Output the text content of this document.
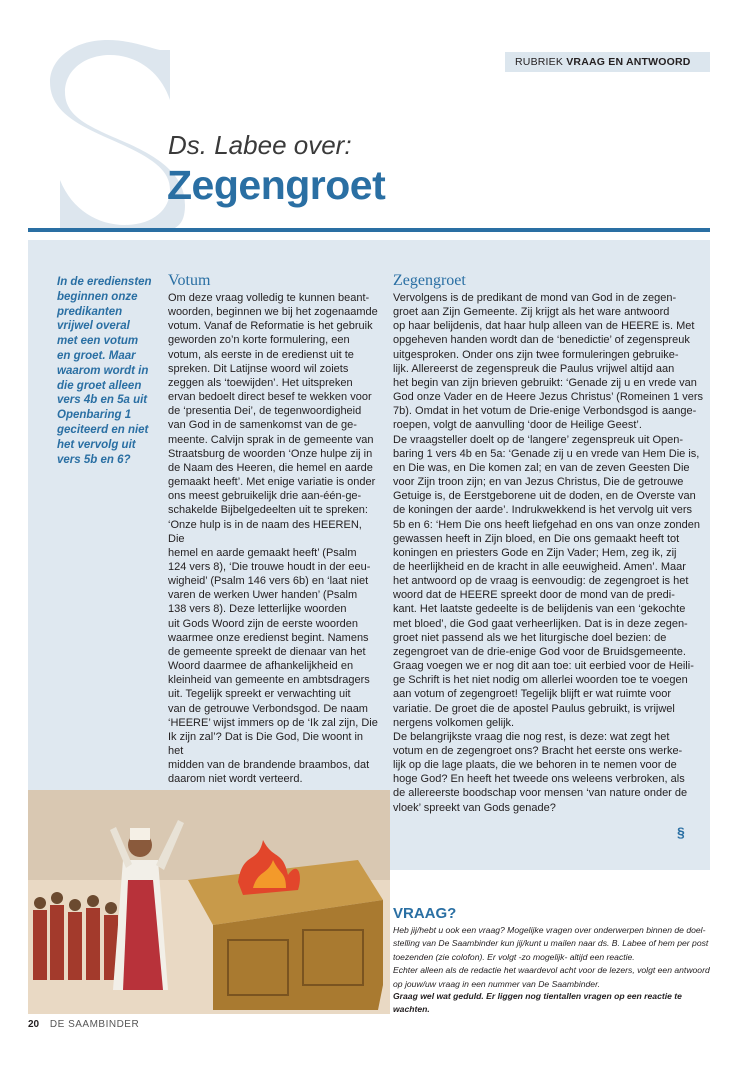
RUBRIEK VRAAG EN ANTWOORD
Ds. Labee over:
Zegengroet
In de erediensten beginnen onze predikanten vrijwel overal met een votum en groet. Maar waarom wordt in die groet alleen vers 4b en 5a uit Openbaring 1 geciteerd en niet het vervolg uit vers 5b en 6?
Votum
Om deze vraag volledig te kunnen beant-
woorden, beginnen we bij het zogenaamde
votum. Vanaf de Reformatie is het gebruik
geworden zo’n korte formulering, een
votum, als eerste in de eredienst uit te
spreken. Dit Latijnse woord wil zoiets
zeggen als ‘toewijden’. Het uitspreken
ervan bedoelt direct besef te wekken voor
de ‘presentia Dei’, de tegenwoordigheid
van God in de samenkomst van de ge-
meente. Calvijn sprak in de gemeente van
Straatsburg de woorden ‘Onze hulpe zij in
de Naam des Heeren, die hemel en aarde
gemaakt heeft’. Met enige variatie is onder
ons meest gebruikelijk drie aan-één-ge-
schakelde Bijbelgedeelten uit te spreken:
‘Onze hulp is in de naam des HEEREN, Die
hemel en aarde gemaakt heeft’ (Psalm
124 vers 8), ‘Die trouwe houdt in der eeu-
wigheid’ (Psalm 146 vers 6b) en ‘laat niet
varen de werken Uwer handen’ (Psalm
138 vers 8). Deze letterlijke woorden
uit Gods Woord zijn de eerste woorden
waarmee onze eredienst begint. Namens
de gemeente spreekt de dienaar van het
Woord daarmee de afhankelijkheid en
kleinheid van gemeente en ambtsdragers
uit. Tegelijk spreekt er verwachting uit
van de getrouwe Verbondsgod. De naam
‘HEERE’ wijst immers op de ‘Ik zal zijn, Die
Ik zijn zal’? Dat is Die God, Die woont in het
midden van de brandende braambos, dat
daarom niet wordt verteerd.
Zegengroet
Vervolgens is de predikant de mond van God in de zegen-
groet aan Zijn Gemeente. Zij krijgt als het ware antwoord
op haar belijdenis, dat haar hulp alleen van de HEERE is. Met
opgeheven handen wordt dan de ‘benedictie’ of zegenspreuk
uitgesproken. Onder ons zijn twee formuleringen gebruike-
lijk. Allereerst de zegenspreuk die Paulus vrijwel altijd aan
het begin van zijn brieven gebruikt: ‘Genade zij u en vrede van
God onze Vader en de Heere Jezus Christus’ (Romeinen 1 vers
7b). Omdat in het votum de Drie-enige Verbondsgod is aange-
roepen, volgt de aanvulling ‘door de Heilige Geest’.
De vraagsteller doelt op de ‘langere’ zegenspreuk uit Open-
baring 1 vers 4b en 5a: ‘Genade zij u en vrede van Hem Die is,
en Die was, en Die komen zal; en van de zeven Geesten Die
voor Zijn troon zijn; en van Jezus Christus, Die de getrouwe
Getuige is, de Eerstgeborene uit de doden, en de Overste van
de koningen der aarde’. Indrukwekkend is het vervolg uit vers
5b en 6: ‘Hem Die ons heeft liefgehad en ons van onze zonden
gewassen heeft in Zijn bloed, en Die ons gemaakt heeft tot
koningen en priesters Gode en Zijn Vader; Hem, zeg ik, zij
de heerlijkheid en de kracht in alle eeuwigheid. Amen’. Maar
het antwoord op de vraag is eenvoudig: de zegengroet is het
woord dat de HEERE spreekt door de mond van de predi-
kant. Het laatste gedeelte is de belijdenis van een ‘gekochte
met bloed’, die God gaat verheerlijken. Dat is in deze zegen-
groet niet passend als we het liturgische doel bezien: de
zegengroet van de drie-enige God voor de Bruidsgemeente.
Graag voegen we er nog dit aan toe: uit eerbied voor de Heili-
ge Schrift is het niet nodig om allerlei woorden toe te voegen
aan votum of zegengroet! Tegelijk blijft er wat ruimte voor
variatie. De groet die de apostel Paulus gebruikt, is vrijwel
nergens volkomen gelijk.
De belangrijkste vraag die nog rest, is deze: wat zegt het
votum en de zegengroet ons? Bracht het eerste ons werke-
lijk op die lage plaats, die we behoren in te nemen voor de
hoge God? En heeft het tweede ons weleens verbroken, als
de allereerste boodschap voor mensen ‘van nature onder de
vloek’ spreekt van Gods genade?
§
VRAAG?
Heb jij/hebt u ook een vraag? Mogelijke vragen over onderwerpen binnen de doel-
stelling van De Saambinder kun jij/kunt u mailen naar ds. B. Labee of hem per post
toezenden (zie colofon). Er volgt -zo mogelijk- altijd een reactie.
Echter alleen als de redactie het waardevol acht voor de lezers, volgt een antwoord
op jouw/uw vraag in een nummer van De Saambinder.
Graag wel wat geduld. Er liggen nog tientallen vragen op een reactie te wachten.
20 DE SAAMBINDER
